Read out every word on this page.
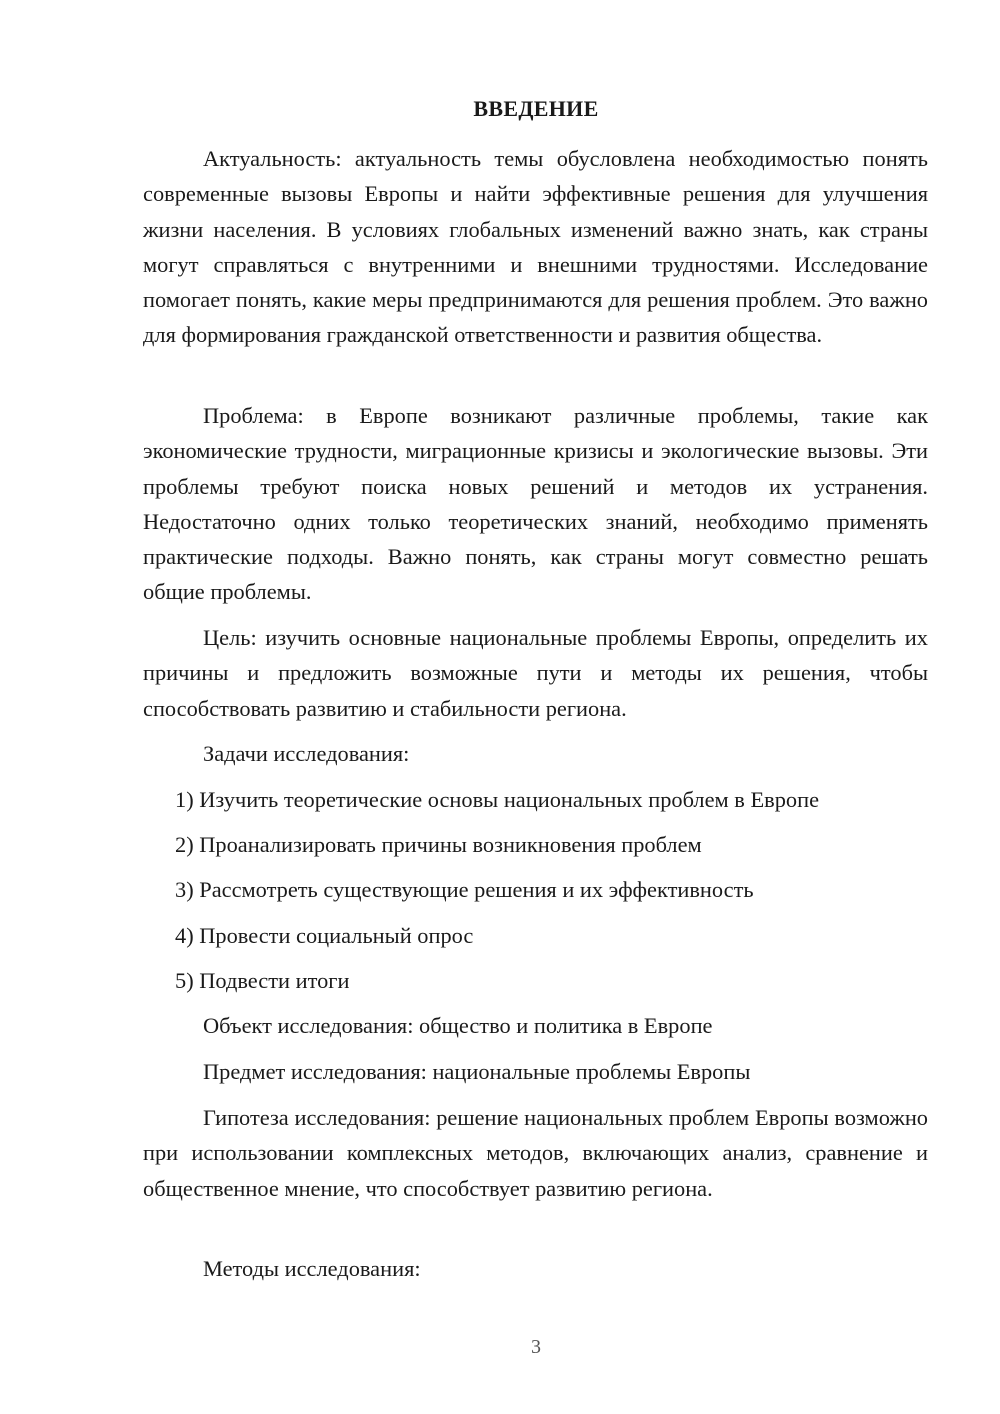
ВВЕДЕНИЕ

Актуальность: актуальность темы обусловлена необходимостью понять современные вызовы Европы и найти эффективные решения для улучшения жизни населения. В условиях глобальных изменений важно знать, как страны могут справляться с внутренними и внешними трудностями. Исследование помогает понять, какие меры предпринимаются для решения проблем. Это важно для формирования гражданской ответственности и развития общества.

Проблема: в Европе возникают различные проблемы, такие как экономические трудности, миграционные кризисы и экологические вызовы. Эти проблемы требуют поиска новых решений и методов их устранения. Недостаточно одних только теоретических знаний, необходимо применять практические подходы. Важно понять, как страны могут совместно решать общие проблемы.

Цель: изучить основные национальные проблемы Европы, определить их причины и предложить возможные пути и методы их решения, чтобы способствовать развитию и стабильности региона.

Задачи исследования:

1) Изучить теоретические основы национальных проблем в Европе

2) Проанализировать причины возникновения проблем

3) Рассмотреть существующие решения и их эффективность

4) Провести социальный опрос

5) Подвести итоги

Объект исследования: общество и политика в Европе

Предмет исследования: национальные проблемы Европы

Гипотеза исследования: решение национальных проблем Европы возможно при использовании комплексных методов, включающих анализ, сравнение и общественное мнение, что способствует развитию региона.

Методы исследования:

3
